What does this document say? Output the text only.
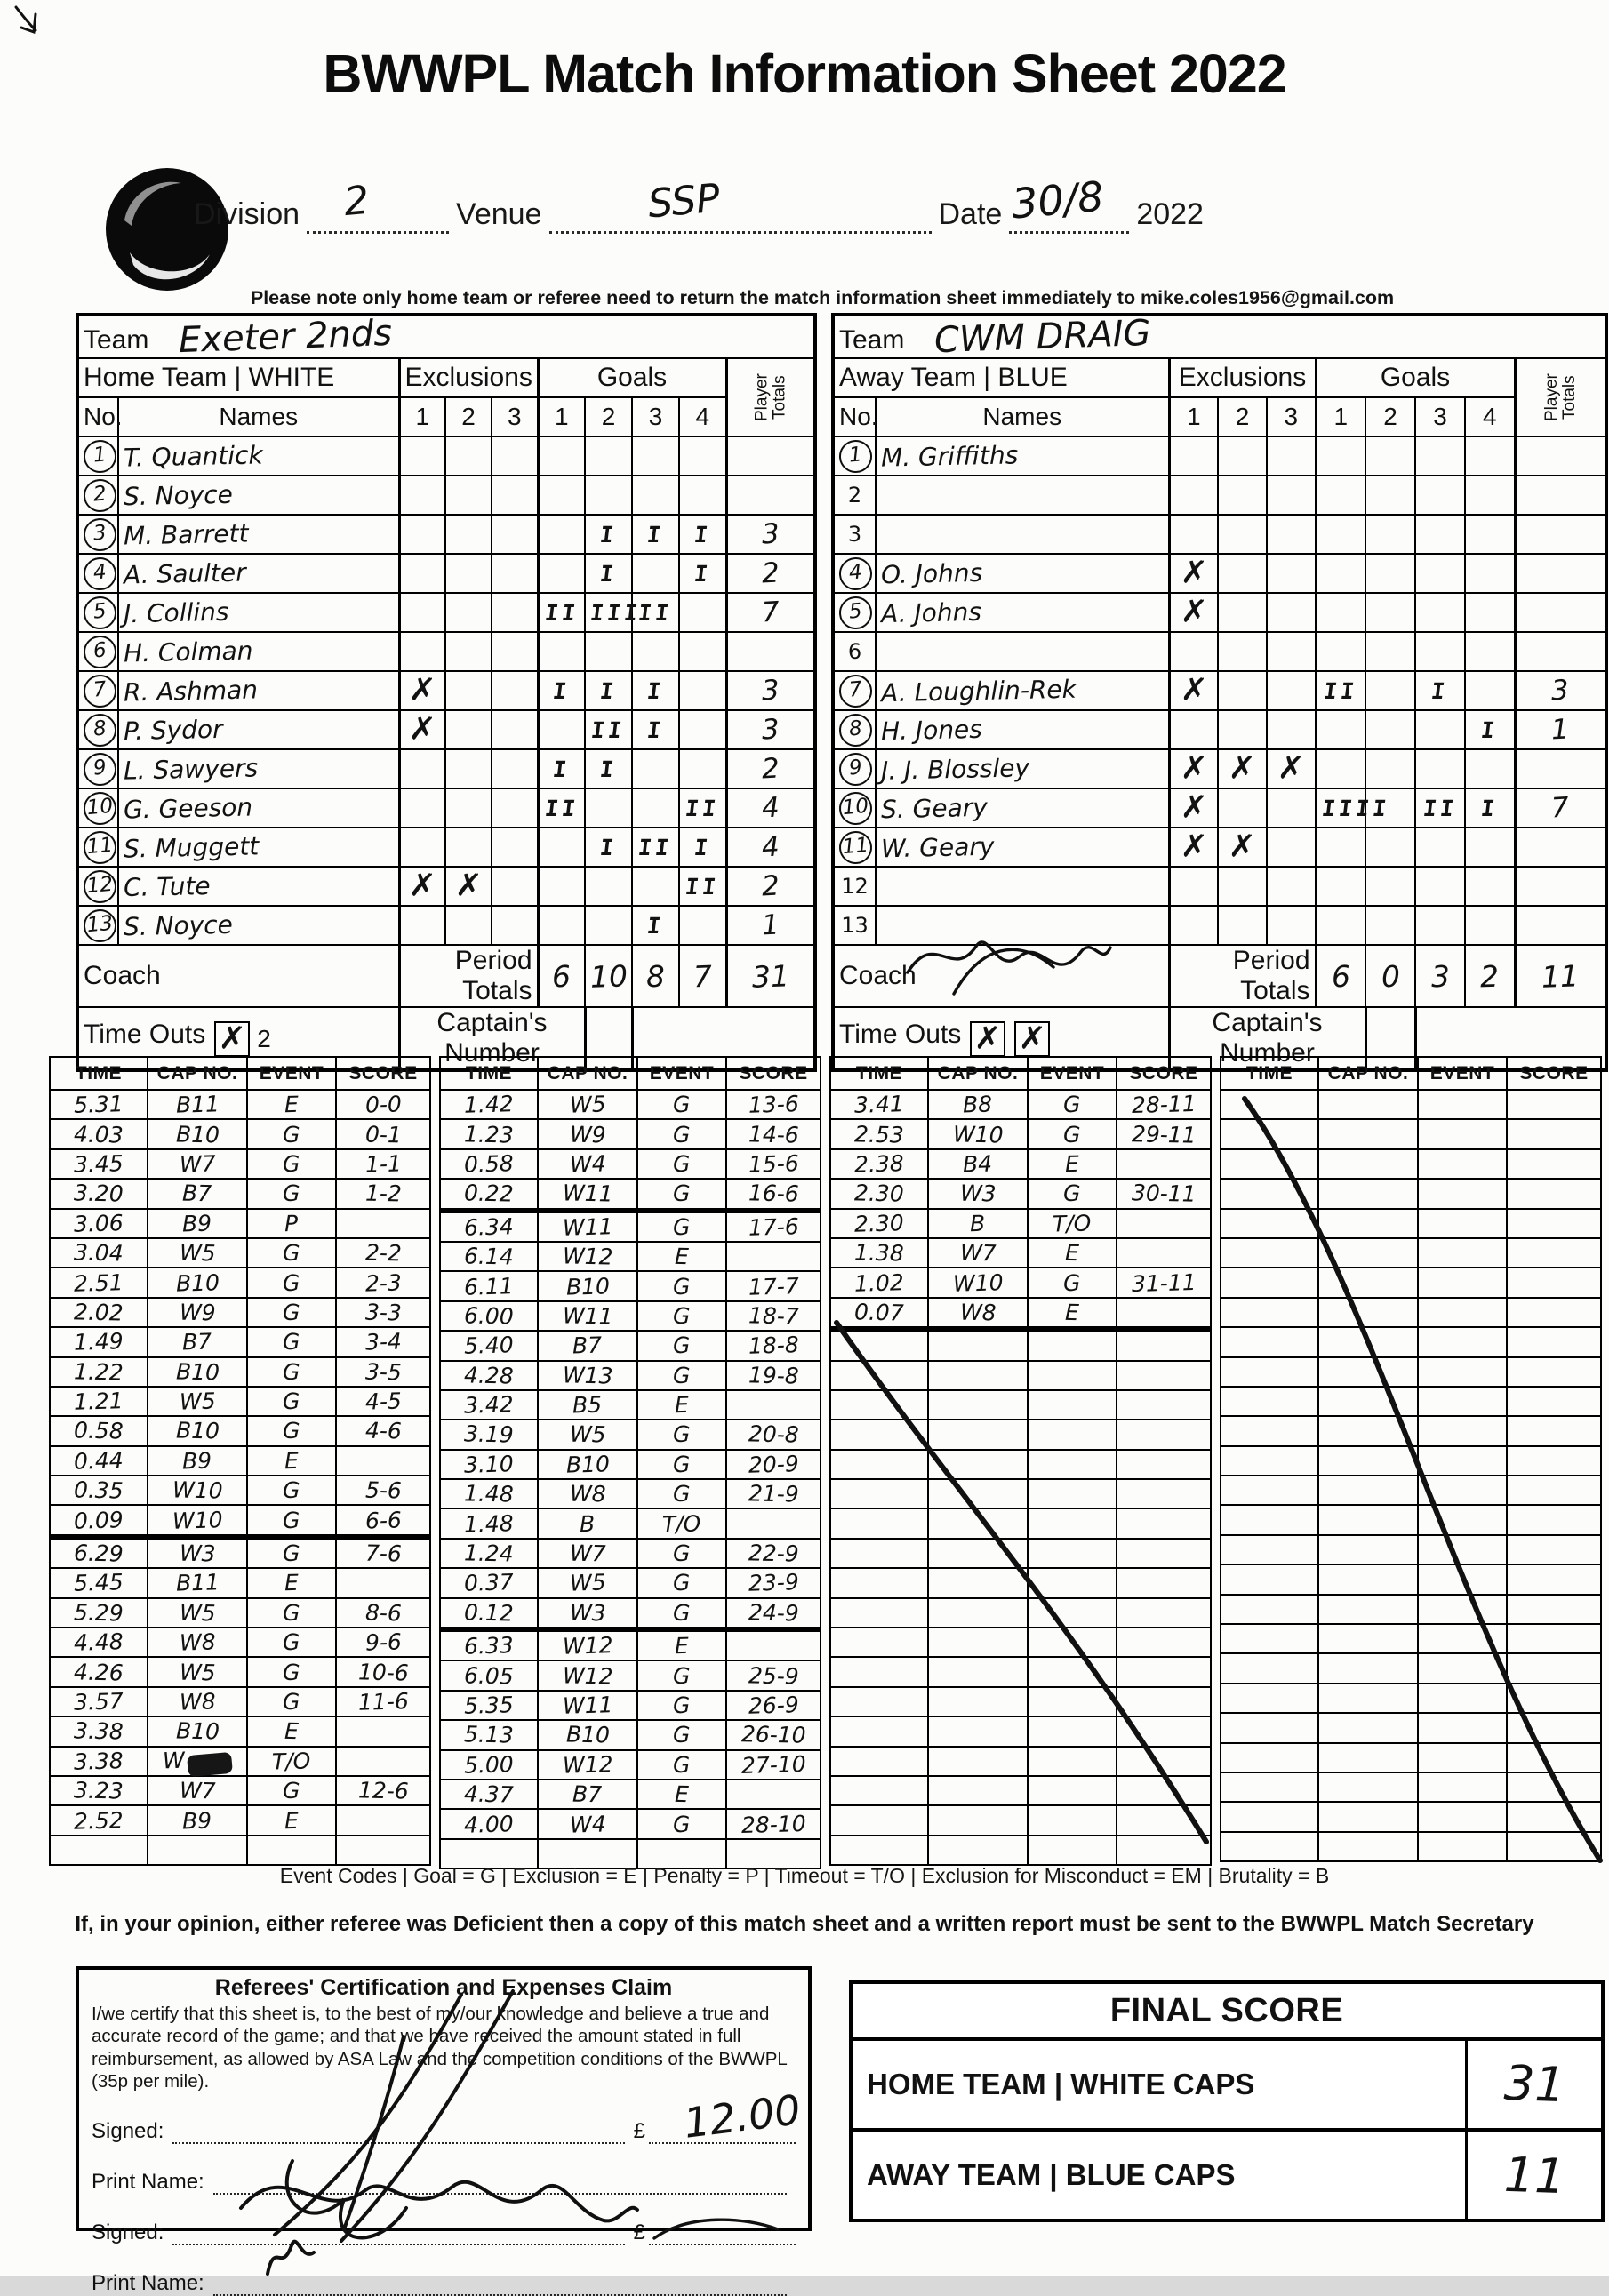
BWWPL Match Information Sheet 2022
Division 2	Venue	SSP	Date 30/8 2022
Please note only home team or referee need to return the match information sheet immediately to mike.coles1956@gmail.com
Team Exeter 2nds									
Home Team | WHITE		Exclusions			Goals				Player Totals
No.	Names	1	2	3	1	2	3	4	
1	T. Quantick								
2	S. Noyce								
3	M. Barrett					I	I	I	3
4	A. Saulter					I		I	2
5	J. Collins				II	III	II		7
6	H. Colman								
7	R. Ashman	✗			I	I	I		3
8	P. Sydor	✗				II	I		3
9	L. Sawyers				I	I			2
10	G. Geeson				II			II	4
11	S. Muggett					I	II	I	4
12	C. Tute	✗	✗					II	2
13	S. Noyce						I		1
Coach		Period Totals			6	10	8	7	31
Time Outs ✗ 2		Captain's Number							
Team CWM DRAIG									
Away Team | BLUE		Exclusions			Goals				Player Totals
No.	Names	1	2	3	1	2	3	4	
1	M. Griffiths								
2									
3									
4	O. Johns	✗							
5	A. Johns	✗							
6									
7	A. Loughlin-Rek	✗			II		I		3
8	H. Jones							I	1
9	J. J. Blossley	✗	✗	✗					
10	S. Geary	✗			IIII		II	I	7
11	W. Geary	✗	✗						
12									
13									
Coach		Period Totals			6	0	3	2	11
Time Outs ✗ ✗		Captain's Number							
TIME	CAP NO.	EVENT	SCORE
5.31	B11	E	0-0
4.03	B10	G	0-1
3.45	W7	G	1-1
3.20	B7	G	1-2
3.06	B9	P	
3.04	W5	G	2-2
2.51	B10	G	2-3
2.02	W9	G	3-3
1.49	B7	G	3-4
1.22	B10	G	3-5
1.21	W5	G	4-5
0.58	B10	G	4-6
0.44	B9	E	
0.35	W10	G	5-6
0.09	W10	G	6-6
6.29	W3	G	7-6
5.45	B11	E	
5.29	W5	G	8-6
4.48	W8	G	9-6
4.26	W5	G	10-6
3.57	W8	G	11-6
3.38	B10	E	
3.38	W	T/O	
3.23	W7	G	12-6
2.52	B9	E	

TIME	CAP NO.	EVENT	SCORE
1.42	W5	G	13-6
1.23	W9	G	14-6
0.58	W4	G	15-6
0.22	W11	G	16-6
6.34	W11	G	17-6
6.14	W12	E	
6.11	B10	G	17-7
6.00	W11	G	18-7
5.40	B7	G	18-8
4.28	W13	G	19-8
3.42	B5	E	
3.19	W5	G	20-8
3.10	B10	G	20-9
1.48	W8	G	21-9
1.48	B	T/O	
1.24	W7	G	22-9
0.37	W5	G	23-9
0.12	W3	G	24-9
6.33	W12	E	
6.05	W12	G	25-9
5.35	W11	G	26-9
5.13	B10	G	26-10
5.00	W12	G	27-10
4.37	B7	E	
4.00	W4	G	28-10

TIME	CAP NO.	EVENT	SCORE
3.41	B8	G	28-11
2.53	W10	G	29-11
2.38	B4	E	
2.30	W3	G	30-11
2.30	B	T/O	
1.38	W7	E	
1.02	W10	G	31-11
0.07	W8	E	

TIME	CAP NO.	EVENT	SCORE

Event Codes | Goal = G | Exclusion = E | Penalty = P | Timeout = T/O | Exclusion for Misconduct = EM | Brutality = B
If, in your opinion, either referee was Deficient then a copy of this match sheet and a written report must be sent to the BWWPL Match Secretary
Referees' Certification and Expenses Claim
I/we certify that this sheet is, to the best of my/our knowledge and believe a true and accurate record of the game; and that we have received the amount stated in full reimbursement, as allowed by ASA Law and the competition conditions of the BWWPL (35p per mile).
Signed:	£ 12.00
Print Name:
Signed:	£
Print Name:
FINAL SCORE
HOME TEAM | WHITE CAPS	31
AWAY TEAM | BLUE CAPS	11
